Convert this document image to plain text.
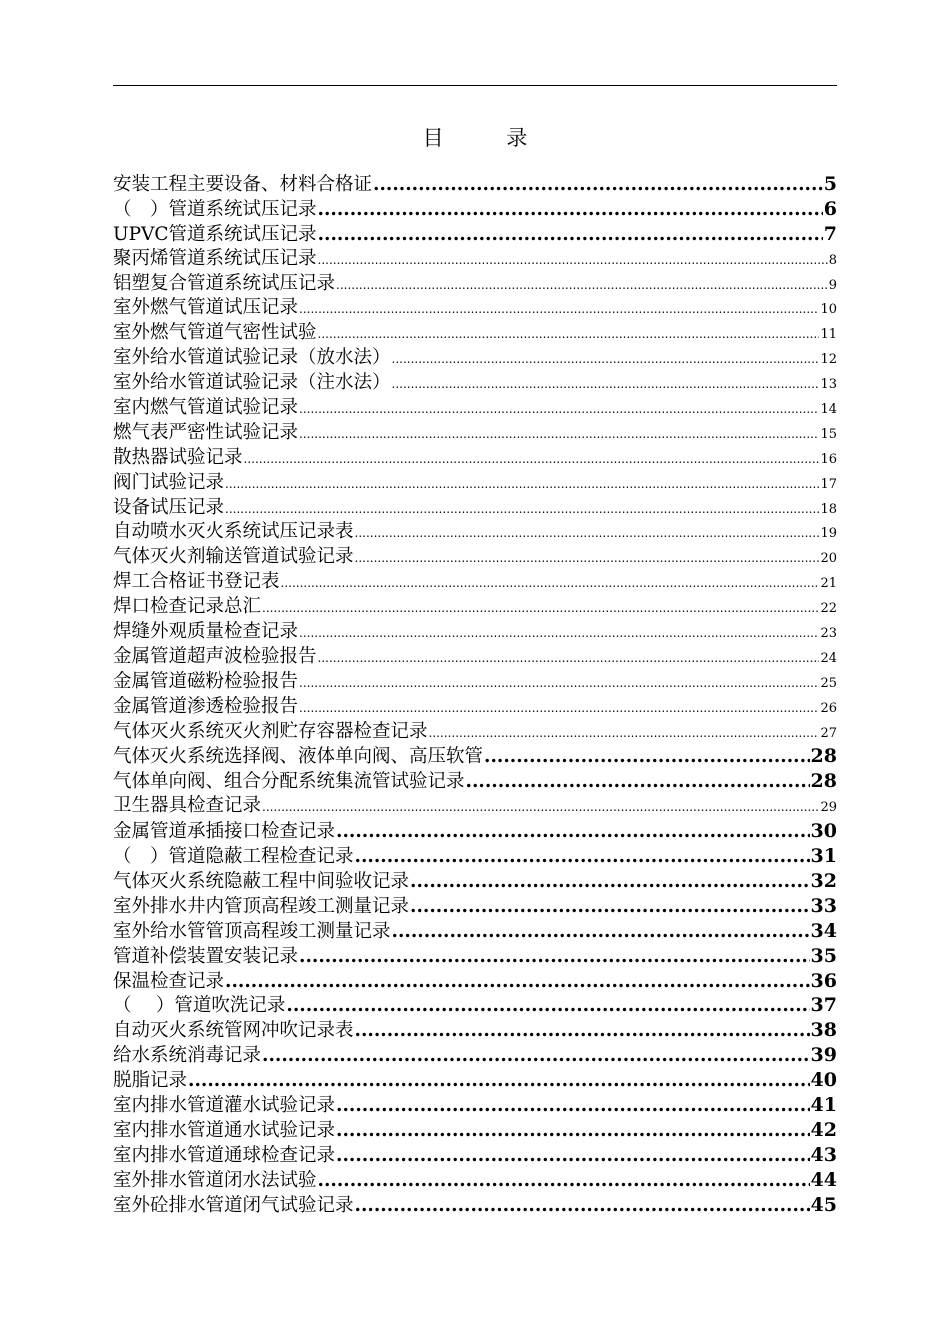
目 录
安装工程主要设备、材料合格证 .....	5
（　）管道系统试压记录 .....	6
UPVC管道系统试压记录 .....	7
聚丙烯管道系统试压记录 .....	8
铝塑复合管道系统试压记录 .....	9
室外燃气管道试压记录 .....	10
室外燃气管道气密性试验 .....	11
室外给水管道试验记录（放水法） .....	12
室外给水管道试验记录（注水法） .....	13
室内燃气管道试验记录 .....	14
燃气表严密性试验记录 .....	15
散热器试验记录 .....	16
阀门试验记录 .....	17
设备试压记录 .....	18
自动喷水灭火系统试压记录表 .....	19
气体灭火剂输送管道试验记录 .....	20
焊工合格证书登记表 .....	21
焊口检查记录总汇 .....	22
焊缝外观质量检查记录 .....	23
金属管道超声波检验报告 .....	24
金属管道磁粉检验报告 .....	25
金属管道渗透检验报告 .....	26
气体灭火系统灭火剂贮存容器检查记录 .....	27
气体灭火系统选择阀、液体单向阀、高压软管 .....	28
气体单向阀、组合分配系统集流管试验记录 .....	28
卫生器具检查记录 .....	29
金属管道承插接口检查记录 .....	30
（　）管道隐蔽工程检查记录 .....	31
气体灭火系统隐蔽工程中间验收记录 .....	32
室外排水井内管顶高程竣工测量记录 .....	33
室外给水管管顶高程竣工测量记录 .....	34
管道补偿装置安装记录 .....	35
保温检查记录 .....	36
（　 ）管道吹洗记录 .....	37
自动灭火系统管网冲吹记录表 .....	38
给水系统消毒记录 .....	39
脱脂记录 .....	40
室内排水管道灌水试验记录 .....	41
室内排水管道通水试验记录 .....	42
室内排水管道通球检查记录 .....	43
室外排水管道闭水法试验 .....	44
室外砼排水管道闭气试验记录 .....	45
